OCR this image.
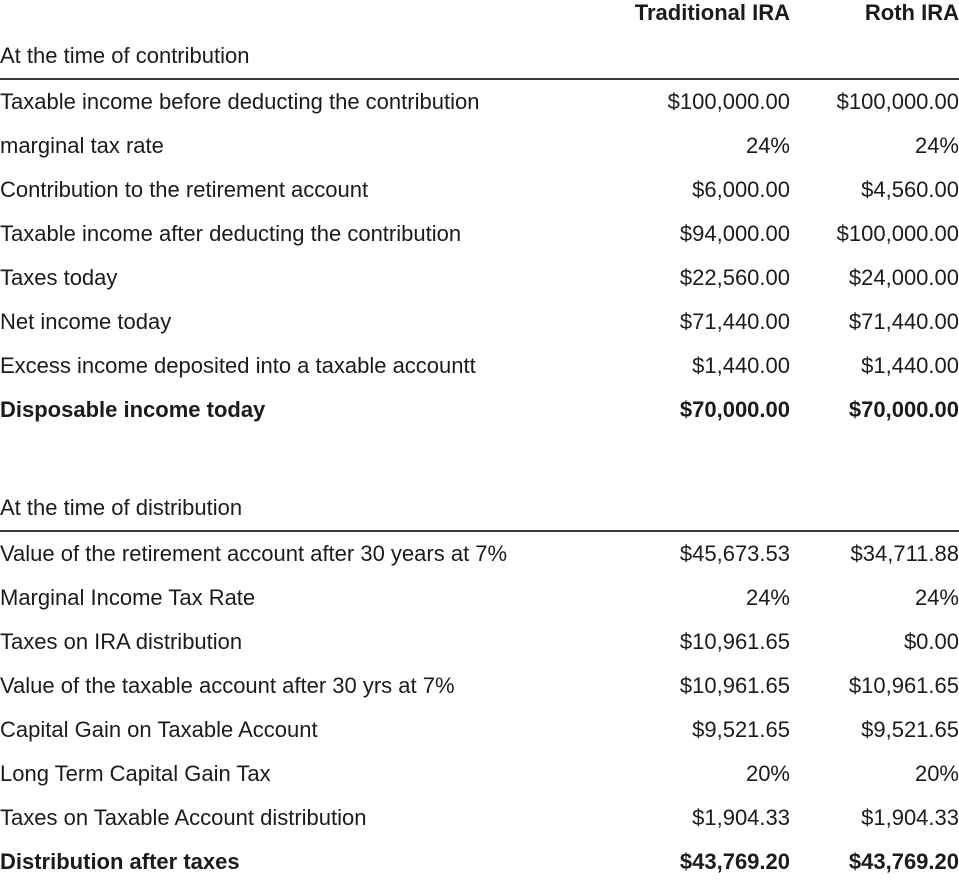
	Traditional IRA	Roth IRA
At the time of contribution		
Taxable income before deducting the contribution	$100,000.00	$100,000.00
marginal tax rate	24%	24%
Contribution to the retirement account	$6,000.00	$4,560.00
Taxable income after deducting the contribution	$94,000.00	$100,000.00
Taxes today	$22,560.00	$24,000.00
Net income today	$71,440.00	$71,440.00
Excess income deposited into a taxable accountt	$1,440.00	$1,440.00
Disposable income today	$70,000.00	$70,000.00

At the time of distribution		
Value of the retirement account after 30 years at 7%	$45,673.53	$34,711.88
Marginal Income Tax Rate	24%	24%
Taxes on IRA distribution	$10,961.65	$0.00
Value of the taxable account after 30 yrs at 7%	$10,961.65	$10,961.65
Capital Gain on Taxable Account	$9,521.65	$9,521.65
Long Term Capital Gain Tax	20%	20%
Taxes on Taxable Account distribution	$1,904.33	$1,904.33
Distribution after taxes	$43,769.20	$43,769.20
